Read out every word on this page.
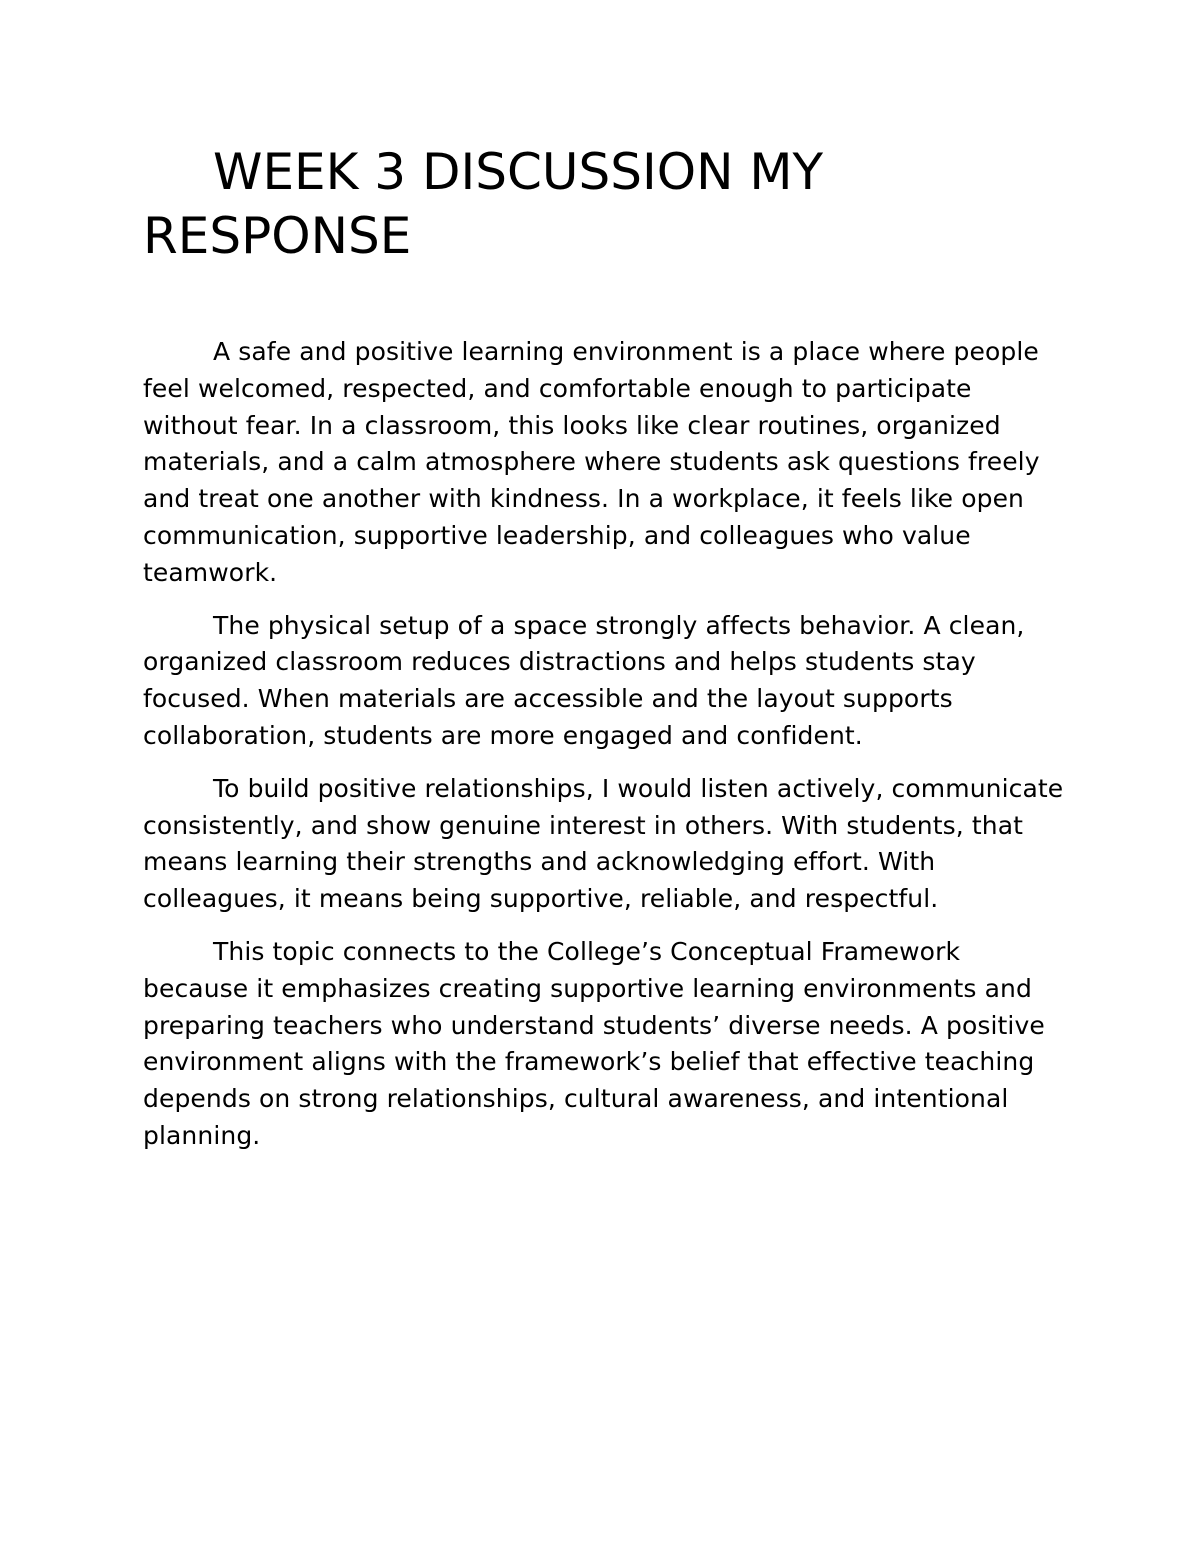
WEEK 3 DISCUSSION MY RESPONSE

A safe and positive learning environment is a place where people feel welcomed, respected, and comfortable enough to participate without fear. In a classroom, this looks like clear routines, organized materials, and a calm atmosphere where students ask questions freely and treat one another with kindness. In a workplace, it feels like open communication, supportive leadership, and colleagues who value teamwork.

The physical setup of a space strongly affects behavior. A clean, organized classroom reduces distractions and helps students stay focused. When materials are accessible and the layout supports collaboration, students are more engaged and confident.

To build positive relationships, I would listen actively, communicate consistently, and show genuine interest in others. With students, that means learning their strengths and acknowledging effort. With colleagues, it means being supportive, reliable, and respectful.

This topic connects to the College’s Conceptual Framework because it emphasizes creating supportive learning environments and preparing teachers who understand students’ diverse needs. A positive environment aligns with the framework’s belief that effective teaching depends on strong relationships, cultural awareness, and intentional planning.
